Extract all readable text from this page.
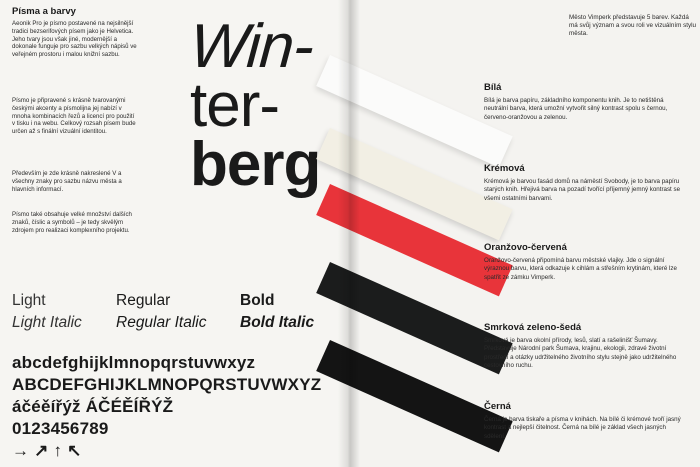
Písma a barvy

Aeonik Pro je písmo postavené na nejsilnější tradici bezserifových písem jako je Helvetica. Jeho tvary jsou však jiné, modernější a dokonale funguje pro sazbu velkých nápisů ve veřejném prostoru i malou knižní sazbu.

Písmo je připravené s krásně tvarovanými českými akcenty a písmolijna jej nabízí v mnoha kombinacích řezů a licencí pro použití v tisku i na webu. Celkový rozsah písem bude určen až s finální vizuální identitou.

Především je zde krásně nakreslené V a všechny znaky pro sazbu názvu města a hlavních informací.

Písmo také obsahuje velké množství dalších znaků, číslic a symbolů – je tedy skvělým zdrojem pro realizaci komplexního projektu.

Win-
ter-
berg
Light
Light Italic
Regular
Regular Italic
Bold
Bold Italic
abcdefghijklmnopqrstuvwxyz
ABCDEFGHIJKLMNOPQRSTUVWXYZ
áčéěířýž ÁČÉĚÍŘÝŽ
0123456789
→ ↗ ↑ ↖
Město Vimperk představuje 5 barev. Každá má svůj význam a svou roli ve vizuálním stylu města.
Bílá
Bílá je barva papíru, základního komponentu knih. Je to netištěná neutrální barva, která umožní vytvořit silný kontrast spolu s černou, červeno-oranžovou a zelenou.
Krémová
Krémová je barvou fasád domů na náměstí Svobody, je to barva papíru starých knih. Hřejivá barva na pozadí tvořící příjemný jemný kontrast se všemi ostatními barvami.
Oranžovo-červená
Oranžovo-červená připomíná barvu městské vlajky. Jde o signální výraznou barvu, která odkazuje k cihlám a střešním krytinám, které lze spatřit ze zámku Vimperk.
Smrková zeleno-šedá
Smrková je barva okolní přírody, lesů, slatí a rašelinišť Šumavy. Představuje Národní park Šumava, krajinu, ekologii, zdravé životní prostředí a otázky udržitelného životního stylu stejně jako udržitelného cestovního ruchu.
Černá
Černá je barva tiskaře a písma v knihách. Na bílé či krémové tvoří jasný kontrast a nejlepší čitelnost. Černá na bílé je základ všech jasných sdělení.
